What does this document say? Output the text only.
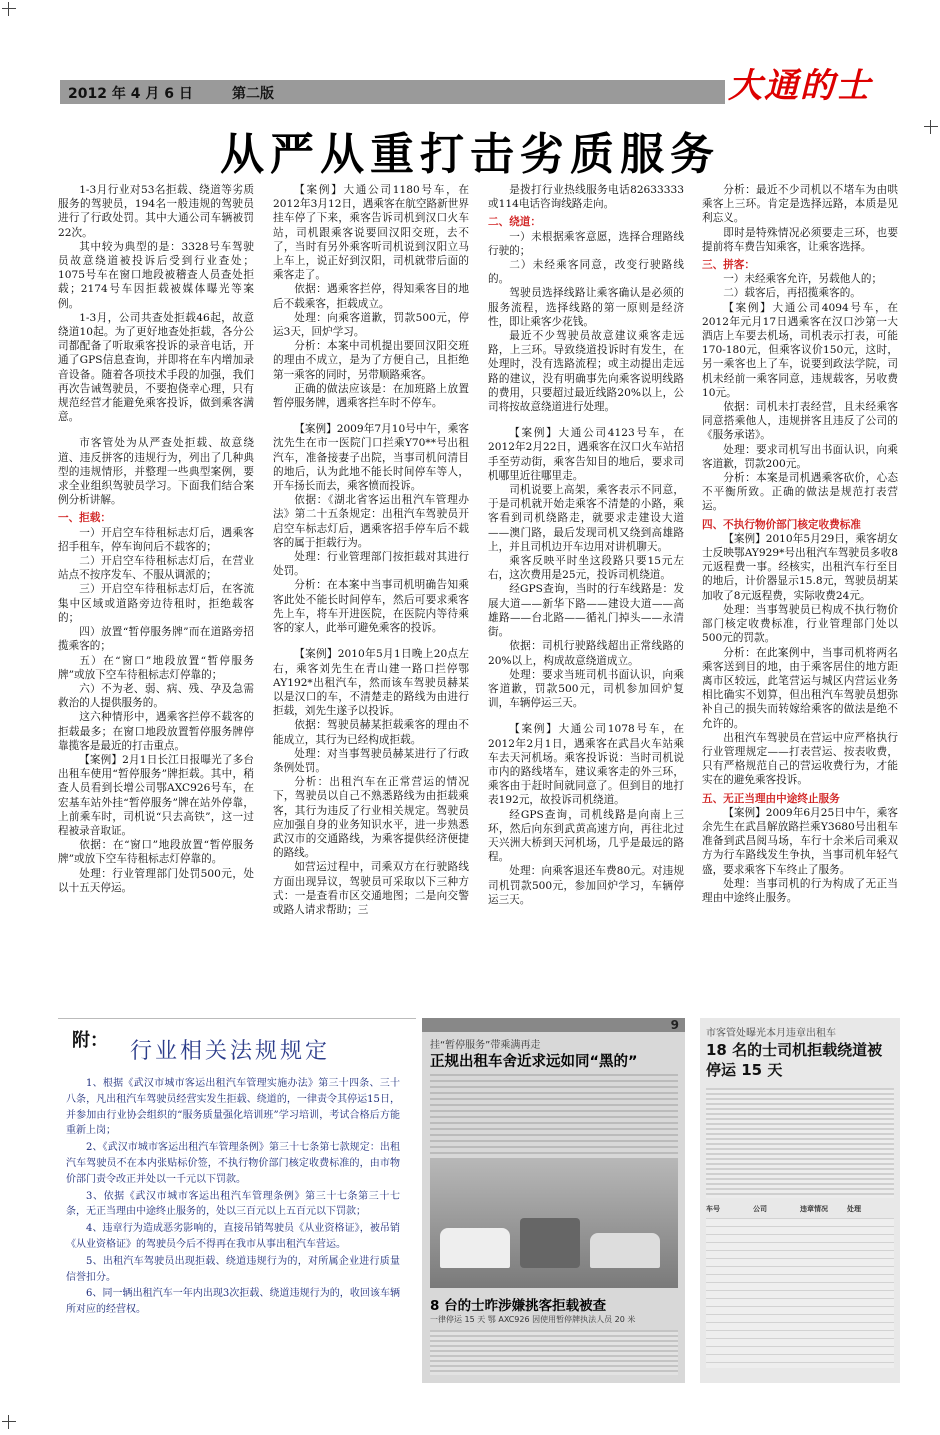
2012 年 4 月 6 日	第二版	大通的士
从严从重打击劣质服务

1-3月行业对53名拒载、绕道等劣质服务的驾驶员，194名一般违规的驾驶员进行了行政处罚。其中大通公司车辆被罚22次。

其中较为典型的是：3328号车驾驶员故意绕道被投诉后受到行业查处；1075号车在窗口地段被稽查人员查处拒载；2174号车因拒载被媒体曝光等案例。

1-3月，公司共查处拒载46起，故意绕道10起。为了更好地查处拒载，各分公司都配备了听取乘客投诉的录音电话，开通了GPS信息查询，并即将在车内增加录音设备。随着各项技术手段的加强，我们再次告诫驾驶员，不要抱侥幸心理，只有规范经营才能避免乘客投诉，做到乘客满意。

市客管处为从严查处拒载、故意绕道、违反拼客的违规行为，列出了几种典型的违规情形，并整理一些典型案例，要求全业组织驾驶员学习。下面我们结合案例分析讲解。

一、拒载：

一）开启空车待租标志灯后，遇乘客招手租车，停车询问后不载客的；

二）开启空车待租标志灯后，在营业站点不按序发车、不服从调派的；

三）开启空车待租标志灯后，在客流集中区域或道路旁边待租时，拒绝载客的；

四）放置“暂停服务牌”而在道路旁招揽乘客的；

五）在“窗口”地段放置“暂停服务牌”或放下空车待租标志灯停靠的；

六）不为老、弱、病、残、孕及急需救治的人提供服务的。

这六种情形中，遇乘客拦停不载客的拒载最多；在窗口地段放置暂停服务牌停靠揽客是最近的打击重点。

【案例】2月1日长江日报曝光了多台出租车使用“暂停服务”牌拒载。其中，稍查人员看到长增公司鄂AXC926号车，在宏基车站外挂“暂停服务”牌在站外停靠，上前乘车时，司机说“只去高铁”，这一过程被录音取证。

依据：在“窗口”地段放置“暂停服务牌”或放下空车待租标志灯停靠的。

处理：行业管理部门处罚500元，处以十五天停运。

【案例】大通公司1180号车，在2012年3月12日，遇乘客在航空路新世界挂车停了下来，乘客告诉司机到汉口火车站，司机跟乘客说要回汉阳交班，去不了，当时有另外乘客听司机说到汉阳立马上车上，说正好到汉阳，司机就带后面的乘客走了。

依据：遇乘客拦停，得知乘客目的地后不载乘客，拒载成立。

处理：向乘客道歉，罚款500元，停运3天，回炉学习。

分析：本案中司机提出要回汉阳交班的理由不成立，是为了方便自己，且拒绝第一乘客的同时，另带顺路乘客。

正确的做法应该是：在加班路上放置暂停服务牌，遇乘客拦车时不停车。

【案例】2009年7月10号中午，乘客沈先生在市一医院门口拦乘Y70**号出租汽车，准备接妻子出院，当事司机问清目的地后，认为此地不能长时间停车等人，开车扬长而去，乘客愤而投诉。

依据：《湖北省客运出租汽车管理办法》第二十五条规定：出租汽车驾驶员开启空车标志灯后，遇乘客招手停车后不载客的属于拒载行为。

处理：行业管理部门按拒载对其进行处罚。

分析：在本案中当事司机明确告知乘客此处不能长时间停车，然后可要求乘客先上车，将车开进医院，在医院内等待乘客的家人，此举可避免乘客的投诉。

【案例】2010年5月1日晚上20点左右，乘客刘先生在青山建一路口拦停鄂AY192*出租汽车，然而该车驾驶员赫某以是汉口的车，不清楚走的路线为由进行拒载，刘先生遂予以投诉。

依据：驾驶员赫某拒载乘客的理由不能成立，其行为已经构成拒载。

处理：对当事驾驶员赫某进行了行政条例处罚。

分析：出租汽车在正常营运的情况下，驾驶员以自己不熟悉路线为由拒载乘客，其行为违反了行业相关规定。驾驶员应加强自身的业务知识水平，进一步熟悉武汉市的交通路线，为乘客提供经济便捷的路线。

如营运过程中，司乘双方在行驶路线方面出现异议，驾驶员可采取以下三种方式：一是查看市区交通地图；二是向交警或路人请求帮助；三

是拨打行业热线服务电话82633333或114电话咨询线路走向。

二、绕道：

一）未根据乘客意愿，选择合理路线行驶的；

二）未经乘客同意，改变行驶路线的。

驾驶员选择线路让乘客确认是必须的服务流程，选择线路的第一原则是经济性，即让乘客少花钱。

最近不少驾驶员故意建议乘客走远路，上三环。导致绕道投诉时有发生，在处理时，没有选路流程；或主动提出走远路的建议，没有明确事先向乘客说明线路的费用，只要超过最近线路20%以上，公司将按故意绕道进行处理。

【案例】大通公司4123号车，在2012年2月22日，遇乘客在汉口火车站招手至劳动街，乘客告知目的地后，要求司机哪里近往哪里走。

司机说要上高架，乘客表示不同意，于是司机就开始走乘客不清楚的小路，乘客看到司机绕路走，就要求走建设大道——澳门路，最后发现司机又绕到高雄路上，并且司机边开车边用对讲机聊天。

乘客反映平时坐这段路只要15元左右，这次费用是25元，投诉司机绕道。

经GPS查询，当时的行车线路是：发展大道——新华下路——建设大道——高雄路——台北路——循礼门掉头——永清街。

依据：司机行驶路线超出正常线路的20%以上，构成故意绕道成立。

处理：要求当班司机书面认识，向乘客道歉，罚款500元，司机参加回炉复训，车辆停运三天。

【案例】大通公司1078号车，在2012年2月1日，遇乘客在武昌火车站乘车去天河机场。乘客投诉说：当时司机说市内的路线堵车，建议乘客走的外三环，乘客由于赶时间就同意了。但到目的地打表192元，故投诉司机绕道。

经GPS查询，司机线路是向南上三环，然后向东到武黄高速方向，再往北过天兴洲大桥到天河机场，几乎是最远的路程。

处理：向乘客退还车费80元。对违规司机罚款500元，参加回炉学习，车辆停运三天。

分析：最近不少司机以不堵车为由哄乘客上三环。肯定是选择远路，本质是见利忘义。

即时是特殊情况必须要走三环，也要提前将车费告知乘客，让乘客选择。

三、拼客：

一）未经乘客允许，另载他人的；

二）载客后，再招揽乘客的。

【案例】大通公司4094号车，在2012年元月17日遇乘客在汉口沙第一大酒店上车要去机场，司机表示打表，可能170-180元，但乘客议价150元，这时，另一乘客也上了车，说要到政法学院，司机未经前一乘客同意，违规载客，另收费10元。

依据：司机未打表经营，且未经乘客同意搭乘他人，违规拼客且违反了公司的《服务承诺》。

处理：要求司机写出书面认识，向乘客道歉，罚款200元。

分析：本案是司机遇乘客砍价，心态不平衡所致。正确的做法是规范打表营运。

四、不执行物价部门核定收费标准

【案例】2010年5月29日，乘客胡女士反映鄂AY929*号出租汽车驾驶员多收8元返程费一事。经核实，出租汽车行至目的地后，计价器显示15.8元，驾驶员胡某加收了8元返程费，实际收费24元。

处理：当事驾驶员已构成不执行物价部门核定收费标准，行业管理部门处以500元的罚款。

分析：在此案例中，当事司机将两名乘客送到目的地，由于乘客居住的地方距离市区较远，此笔营运与城区内营运业务相比确实不划算，但出租汽车驾驶员想弥补自己的损失而转嫁给乘客的做法是绝不允许的。

出租汽车驾驶员在营运中应严格执行行业管理规定——打表营运、按表收费，只有严格规范自己的营运收费行为，才能实在的避免乘客投诉。

五、无正当理由中途终止服务

【案例】2009年6月25日中午，乘客余先生在武昌解放路拦乘Y3680号出租车准备到武昌阅马场，车行十余米后司乘双方为行车路线发生争执，当事司机年轻气盛，要求乘客下车终止了服务。

处理：当事司机的行为构成了无正当理由中途终止服务。

附： 行业相关法规规定

1、根据《武汉市城市客运出租汽车管理实施办法》第三十四条、三十八条，凡出租汽车驾驶员经营实发生拒载、绕道的，一律责令其停运15日，并参加由行业协会组织的“服务质量强化培训班”学习培训，考试合格后方能重新上岗；

2、《武汉市城市客运出租汽车管理条例》第三十七条第七款规定：出租汽车驾驶员不在本内张贴标价签，不执行物价部门核定收费标准的，由市物价部门责令改正并处以一千元以下罚款。

3、依据《武汉市城市客运出租汽车管理条例》第三十七条第三十七条，无正当理由中途终止服务的，处以三百元以上五百元以下罚款；

4、违章行为造成恶劣影响的，直接吊销驾驶员《从业资格证》，被吊销《从业资格证》的驾驶员今后不得再在我市从事出租汽车营运。

5、出租汽车驾驶员出现拒载、绕道违规行为的，对所属企业进行质量信誉扣分。

6、同一辆出租汽车一年内出现3次拒载、绕道违规行为的，收回该车辆所对应的经营权。

9
挂“暂停服务”带乘满再走
正规出租车舍近求远如同“黑的”
8 台的士昨涉嫌挑客拒载被查
一律停运 15 天 鄂 AXC926 因使用暂停牌执法人员 20 米
市客管处曝光本月违章出租车
18 名的士司机拒载绕道被停运 15 天
车号	公司	违章情况	处理
